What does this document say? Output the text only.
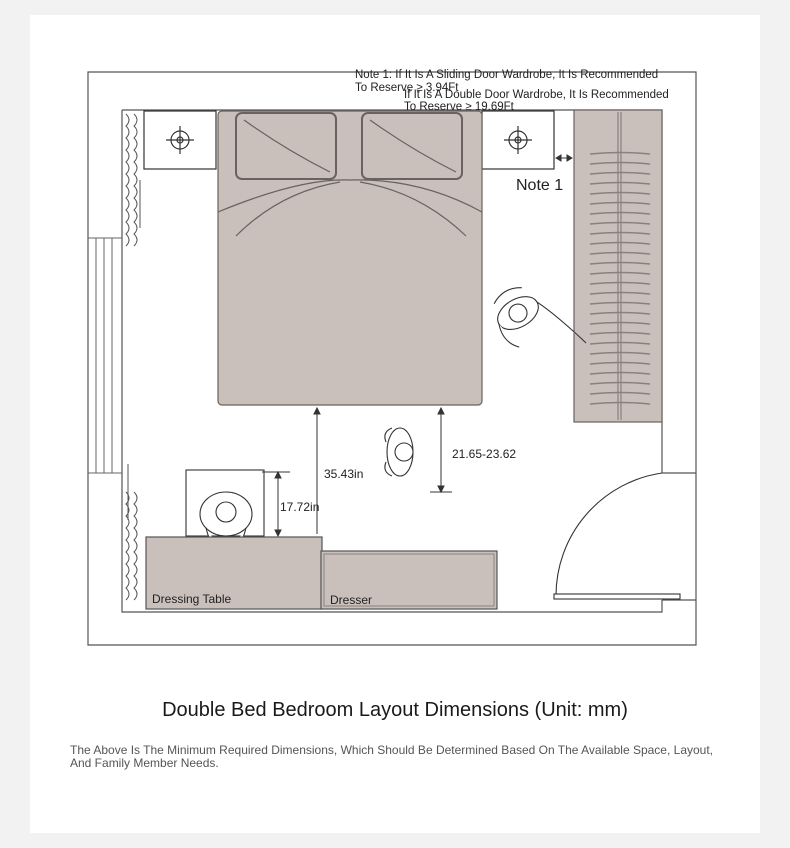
Note 1: If It Is A Sliding Door Wardrobe, It Is Recommended
To Reserve ≥ 3.94Ft
If It Is A Double Door Wardrobe, It Is Recommended
To Reserve ≥ 19.69Ft
Note 1
35.43in
21.65-23.62
17.72in
Dressing Table	Dresser
Double Bed Bedroom Layout Dimensions (Unit: mm)
The Above Is The Minimum Required Dimensions, Which Should Be Determined Based On The Available Space, Layout, And Family Member Needs.
